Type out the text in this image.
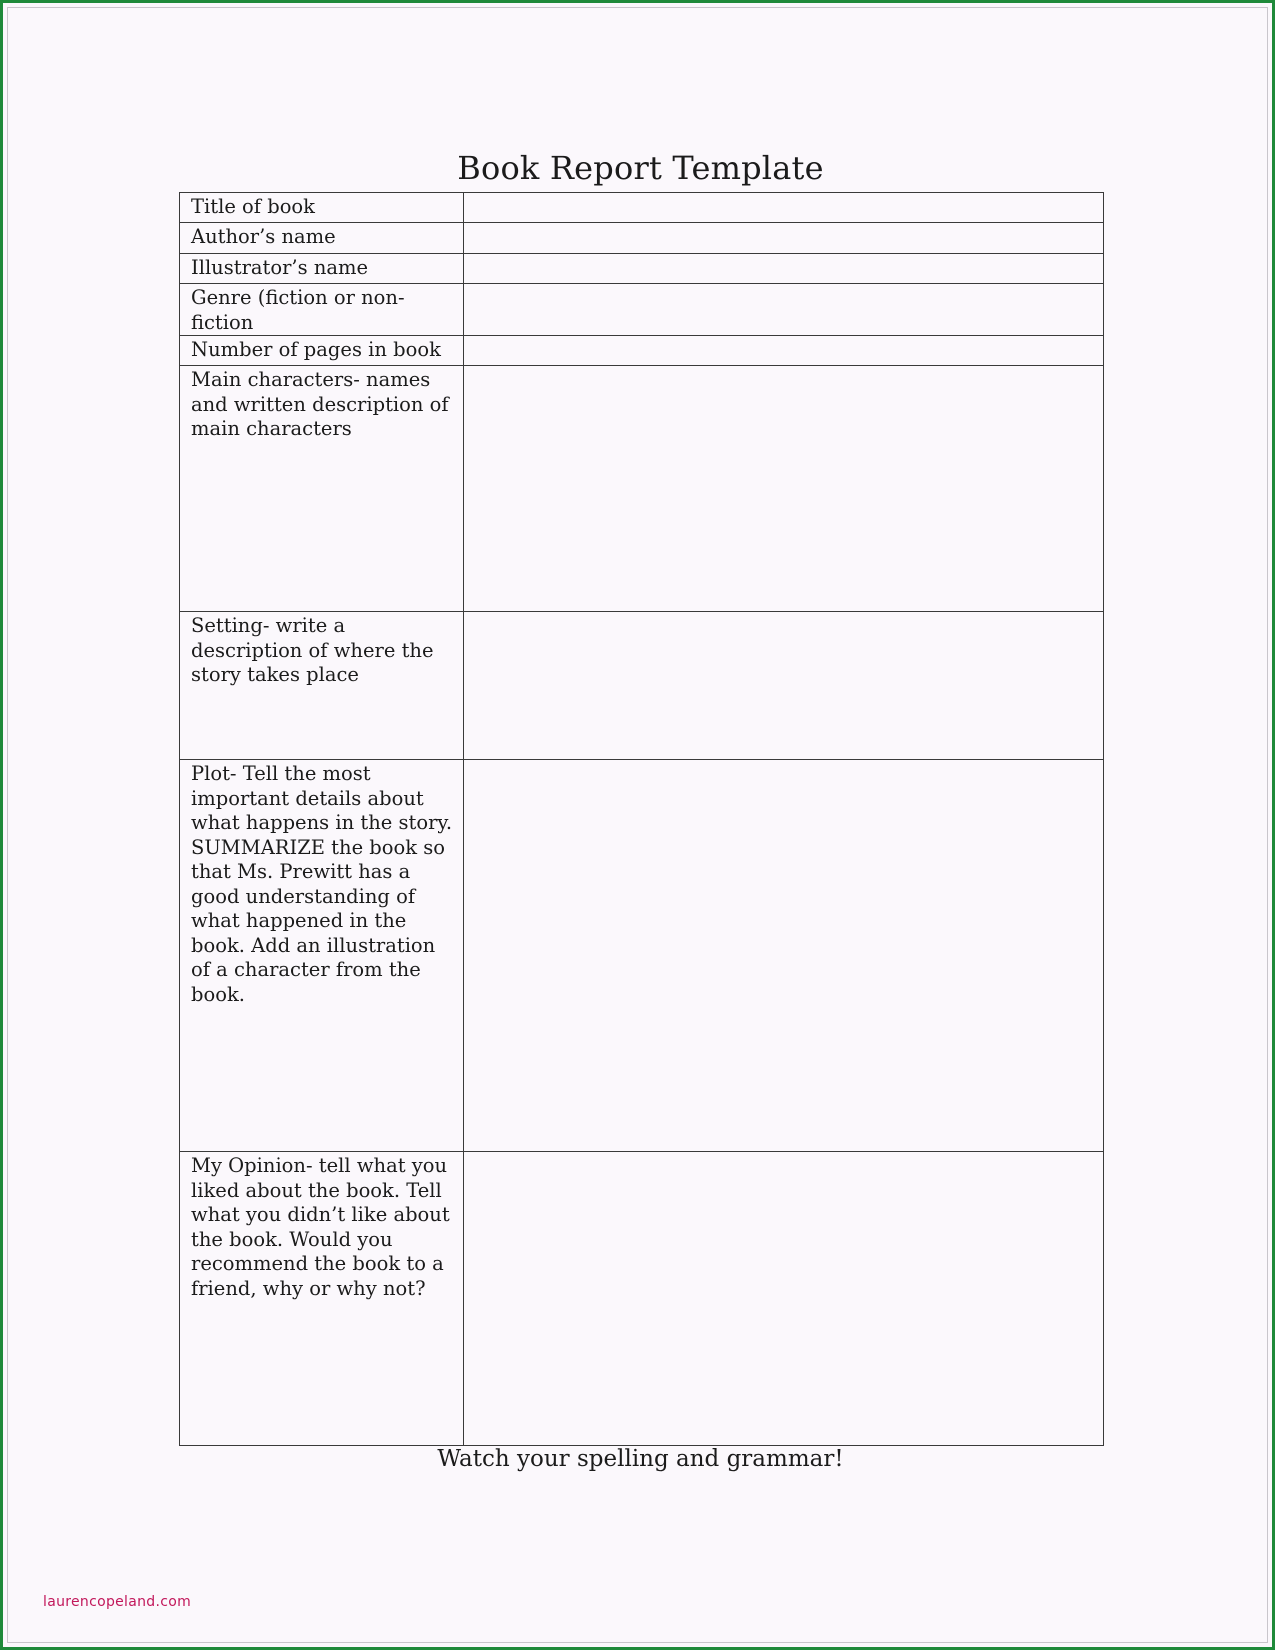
Book Report Template
Title of book	
Author’s name	
Illustrator’s name	
Genre (fiction or non-fiction	
Number of pages in book	
Main characters- names and written description of main characters	
Setting- write a description of where the story takes place	
Plot- Tell the most important details about what happens in the story. SUMMARIZE the book so that Ms. Prewitt has a good understanding of what happened in the book. Add an illustration of a character from the book.	
My Opinion- tell what you liked about the book. Tell what you didn’t like about the book. Would you recommend the book to a friend, why or why not?	

Watch your spelling and grammar!

laurencopeland.com
